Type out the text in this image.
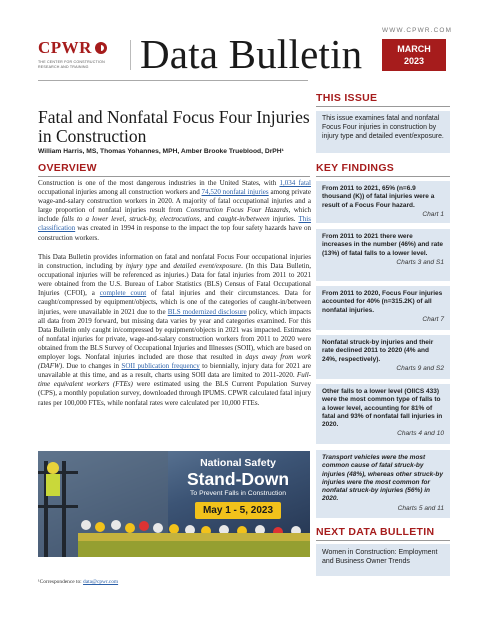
CPWR
THE CENTER FOR CONSTRUCTION
RESEARCH AND TRAINING	Data Bulletin
WWW.CPWR.COM
MARCH
2023
Fatal and Nonfatal Focus Four Injuries
in Construction
William Harris, MS, Thomas Yohannes, MPH, Amber Brooke Trueblood, DrPH¹
OVERVIEW
Construction is one of the most dangerous industries in the United States, with 1,034 fatal occupational injuries among all construction workers and 74,520 nonfatal injuries among private wage-and-salary construction workers in 2020. A majority of fatal occupational injuries and a large proportion of nonfatal injuries result from Construction Focus Four Hazards, which include falls to a lower level, struck-by, electrocutions, and caught-in/between injuries. This classification was created in 1994 in response to the impact the top four safety hazards have on construction workers.
This Data Bulletin provides information on fatal and nonfatal Focus Four occupational injuries in construction, including by injury type and detailed event/exposure. (In this Data Bulletin, occupational injuries will be referenced as injuries.) Data for fatal injuries from 2011 to 2021 were obtained from the U.S. Bureau of Labor Statistics (BLS) Census of Fatal Occupational Injuries (CFOI), a complete count of fatal injuries and their circumstances. Data for caught/compressed by equipment/objects, which is one of the categories of caught-in/between injuries, were unavailable in 2021 due to the BLS modernized disclosure policy, which impacts all data from 2019 forward, but missing data varies by year and categories examined. For this Data Bulletin only caught in/compressed by equipment/objects in 2021 was impacted. Estimates of nonfatal injuries for private, wage-and-salary construction workers from 2011 to 2020 were obtained from the BLS Survey of Occupational Injuries and Illnesses (SOII), which are based on employer logs. Nonfatal injuries included are those that resulted in days away from work (DAFW). Due to changes in SOII publication frequency to biennially, injury data for 2021 are unavailable at this time, and as a result, charts using SOII data are limited to 2011-2020. Full-time equivalent workers (FTEs) were estimated using the BLS Current Population Survey (CPS), a monthly population survey, downloaded through IPUMS. CPWR calculated fatal injury rates per 100,000 FTEs, while nonfatal rates were calculated per 10,000 FTEs.
National Safety
Stand-Down
To Prevent Falls in Construction
May 1 - 5, 2023
¹Correspondence to: data@cpwr.com
THIS ISSUE
This issue examines fatal and nonfatal Focus Four injuries in construction by injury type and detailed event/exposure.
KEY FINDINGS
From 2011 to 2021, 65% (n=6.9 thousand (K)) of fatal injuries were a result of a Focus Four hazard.
Chart 1
From 2011 to 2021 there were increases in the number (46%) and rate (13%) of fatal falls to a lower level.
Charts 3 and S1
From 2011 to 2020, Focus Four injuries accounted for 40% (n=315.2K) of all nonfatal injuries.
Chart 7
Nonfatal struck-by injuries and their rate declined 2011 to 2020 (4% and 24%, respectively).
Charts 9 and S2
Other falls to a lower level (OIICS 433) were the most common type of falls to a lower level, accounting for 81% of fatal and 93% of nonfatal fall injuries in 2020.
Charts 4 and 10
Transport vehicles were the most common cause of fatal struck-by injuries (48%), whereas other struck-by injuries were the most common for nonfatal struck-by injuries (56%) in 2020.
Charts 5 and 11
NEXT DATA BULLETIN
Women in Construction: Employment and Business Owner Trends
